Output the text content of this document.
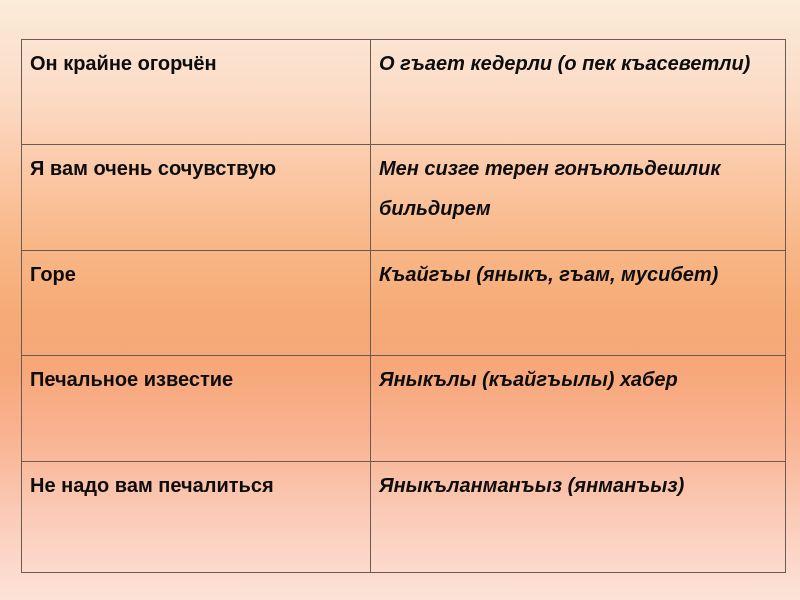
Он крайне огорчён	О гъает кедерли (о пек къасеветли)
Я вам очень сочувствую	Мен сизге терен гонъюльдешлик бильдирем
Горе	Къайгъы (яныкъ, гъам, мусибет)
Печальное известие	Яныкълы (къайгъылы) хабер
Не надо вам печалиться	Яныкъланманъыз (янманъыз)
